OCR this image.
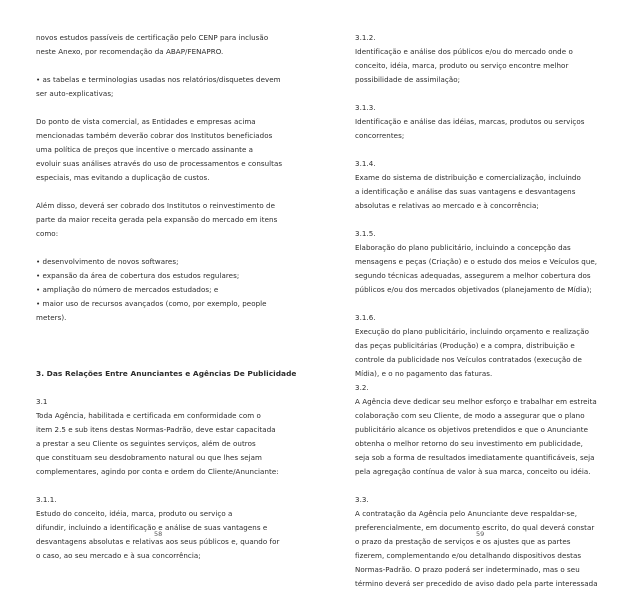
novos estudos passíveis de certificação pelo CENP para inclusão
neste Anexo, por recomendação da ABAP/FENAPRO.
• as tabelas e terminologias usadas nos relatórios/disquetes devem
ser auto-explicativas;
Do ponto de vista comercial, as Entidades e empresas acima
mencionadas também deverão cobrar dos Institutos beneficiados
uma política de preços que incentive o mercado assinante a
evoluir suas análises através do uso de processamentos e consultas
especiais, mas evitando a duplicação de custos.
Além disso, deverá ser cobrado dos Institutos o reinvestimento de
parte da maior receita gerada pela expansão do mercado em itens
como:
• desenvolvimento de novos softwares;
• expansão da área de cobertura dos estudos regulares;
• ampliação do número de mercados estudados; e
• maior uso de recursos avançados (como, por exemplo, people
meters).
3. Das Relações Entre Anunciantes e Agências De Publicidade
3.1
Toda Agência, habilitada e certificada em conformidade com o
item 2.5 e sub itens destas Normas-Padrão, deve estar capacitada
a prestar a seu Cliente os seguintes serviços, além de outros
que constituam seu desdobramento natural ou que lhes sejam
complementares, agindo por conta e ordem do Cliente/Anunciante:
3.1.1.
Estudo do conceito, idéia, marca, produto ou serviço a
difundir, incluindo a identificação e análise de suas vantagens e
desvantagens absolutas e relativas aos seus públicos e, quando for
o caso, ao seu mercado e à sua concorrência;
58
3.1.2.
Identificação e análise dos públicos e/ou do mercado onde o
conceito, idéia, marca, produto ou serviço encontre melhor
possibilidade de assimilação;
3.1.3.
Identificação e análise das idéias, marcas, produtos ou serviços
concorrentes;
3.1.4.
Exame do sistema de distribuição e comercialização, incluindo
a identificação e análise das suas vantagens e desvantagens
absolutas e relativas ao mercado e à concorrência;
3.1.5.
Elaboração do plano publicitário, incluindo a concepção das
mensagens e peças (Criação) e o estudo dos meios e Veículos que,
segundo técnicas adequadas, assegurem a melhor cobertura dos
públicos e/ou dos mercados objetivados (planejamento de Mídia);
3.1.6.
Execução do plano publicitário, incluindo orçamento e realização
das peças publicitárias (Produção) e a compra, distribuição e
controle da publicidade nos Veículos contratados (execução de
Mídia), e o no pagamento das faturas.
3.2.
A Agência deve dedicar seu melhor esforço e trabalhar em estreita
colaboração com seu Cliente, de modo a assegurar que o plano
publicitário alcance os objetivos pretendidos e que o Anunciante
obtenha o melhor retorno do seu investimento em publicidade,
seja sob a forma de resultados imediatamente quantificáveis, seja
pela agregação contínua de valor à sua marca, conceito ou idéia.
3.3.
A contratação da Agência pelo Anunciante deve respaldar-se,
preferencialmente, em documento escrito, do qual deverá constar
o prazo da prestação de serviços e os ajustes que as partes
fizerem, complementando e/ou detalhando dispositivos destas
Normas-Padrão. O prazo poderá ser indeterminado, mas o seu
término deverá ser precedido de aviso dado pela parte interessada
59
